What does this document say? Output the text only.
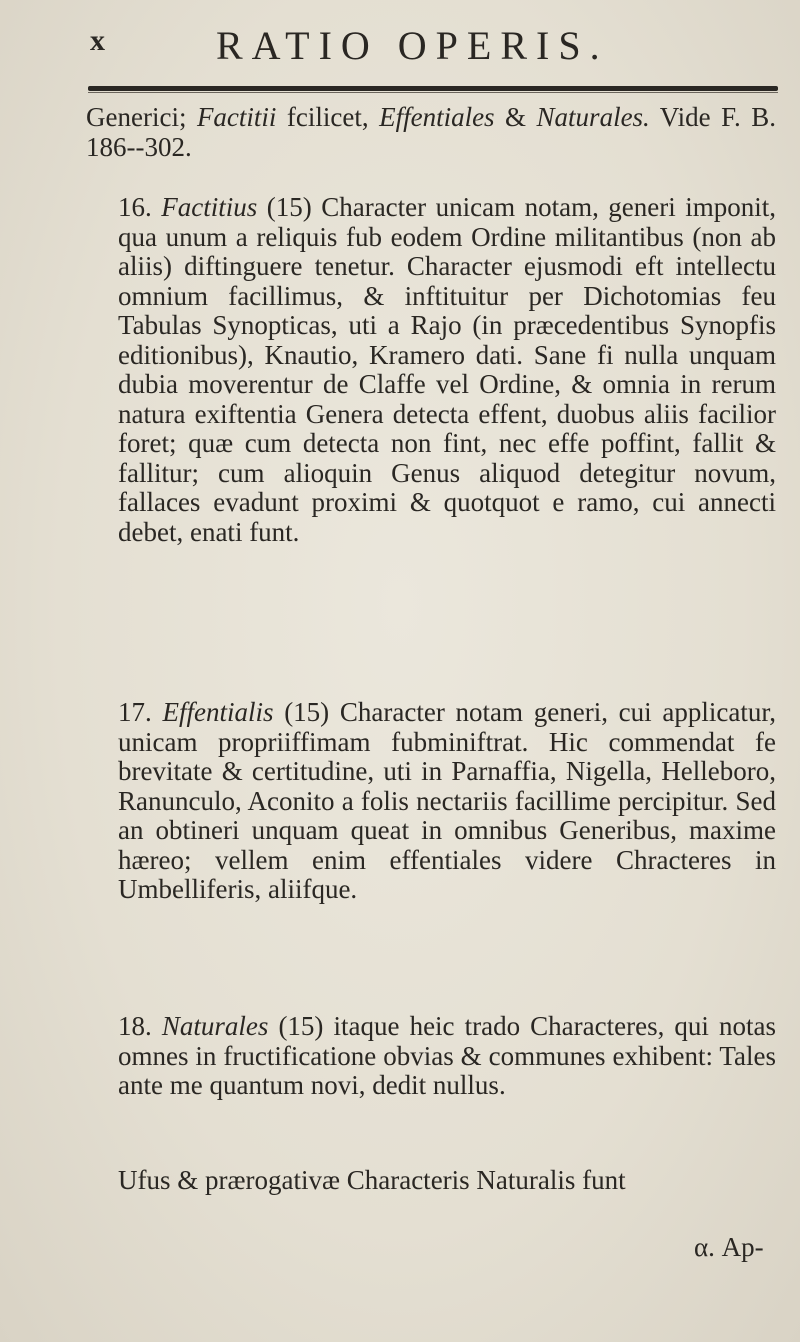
x	RATIO OPERIS.

Generici; Factitii fcilicet, Effentiales & Naturales. Vide F. B. 186--302.

16. Factitius (15) Character unicam notam, generi imponit, qua unum a reliquis fub eodem Ordine militantibus (non ab aliis) diftinguere tenetur. Character ejusmodi eft intellectu omnium facillimus, & inftituitur per Dichotomias feu Tabulas Synopticas, uti a Rajo (in præcedentibus Synopfis editionibus), Knautio, Kramero dati. Sane fi nulla unquam dubia moverentur de Claffe vel Ordine, & omnia in rerum natura exiftentia Genera detecta effent, duobus aliis facilior foret; quæ cum detecta non fint, nec effe poffint, fallit & fallitur; cum alioquin Genus aliquod detegitur novum, fallaces evadunt proximi & quotquot e ramo, cui annecti debet, enati funt.

17. Effentialis (15) Character notam generi, cui applicatur, unicam propriiffimam fubminiftrat. Hic commendat fe brevitate & certitudine, uti in Parnaffia, Nigella, Helleboro, Ranunculo, Aconito a folis nectariis facillime percipitur. Sed an obtineri unquam queat in omnibus Generibus, maxime hæreo; vellem enim effentiales videre Chracteres in Umbelliferis, aliifque.

18. Naturales (15) itaque heic trado Characteres, qui notas omnes in fructificatione obvias & communes exhibent: Tales ante me quantum novi, dedit nullus.

Ufus & prærogativæ Characteris Naturalis funt

α. Ap-
